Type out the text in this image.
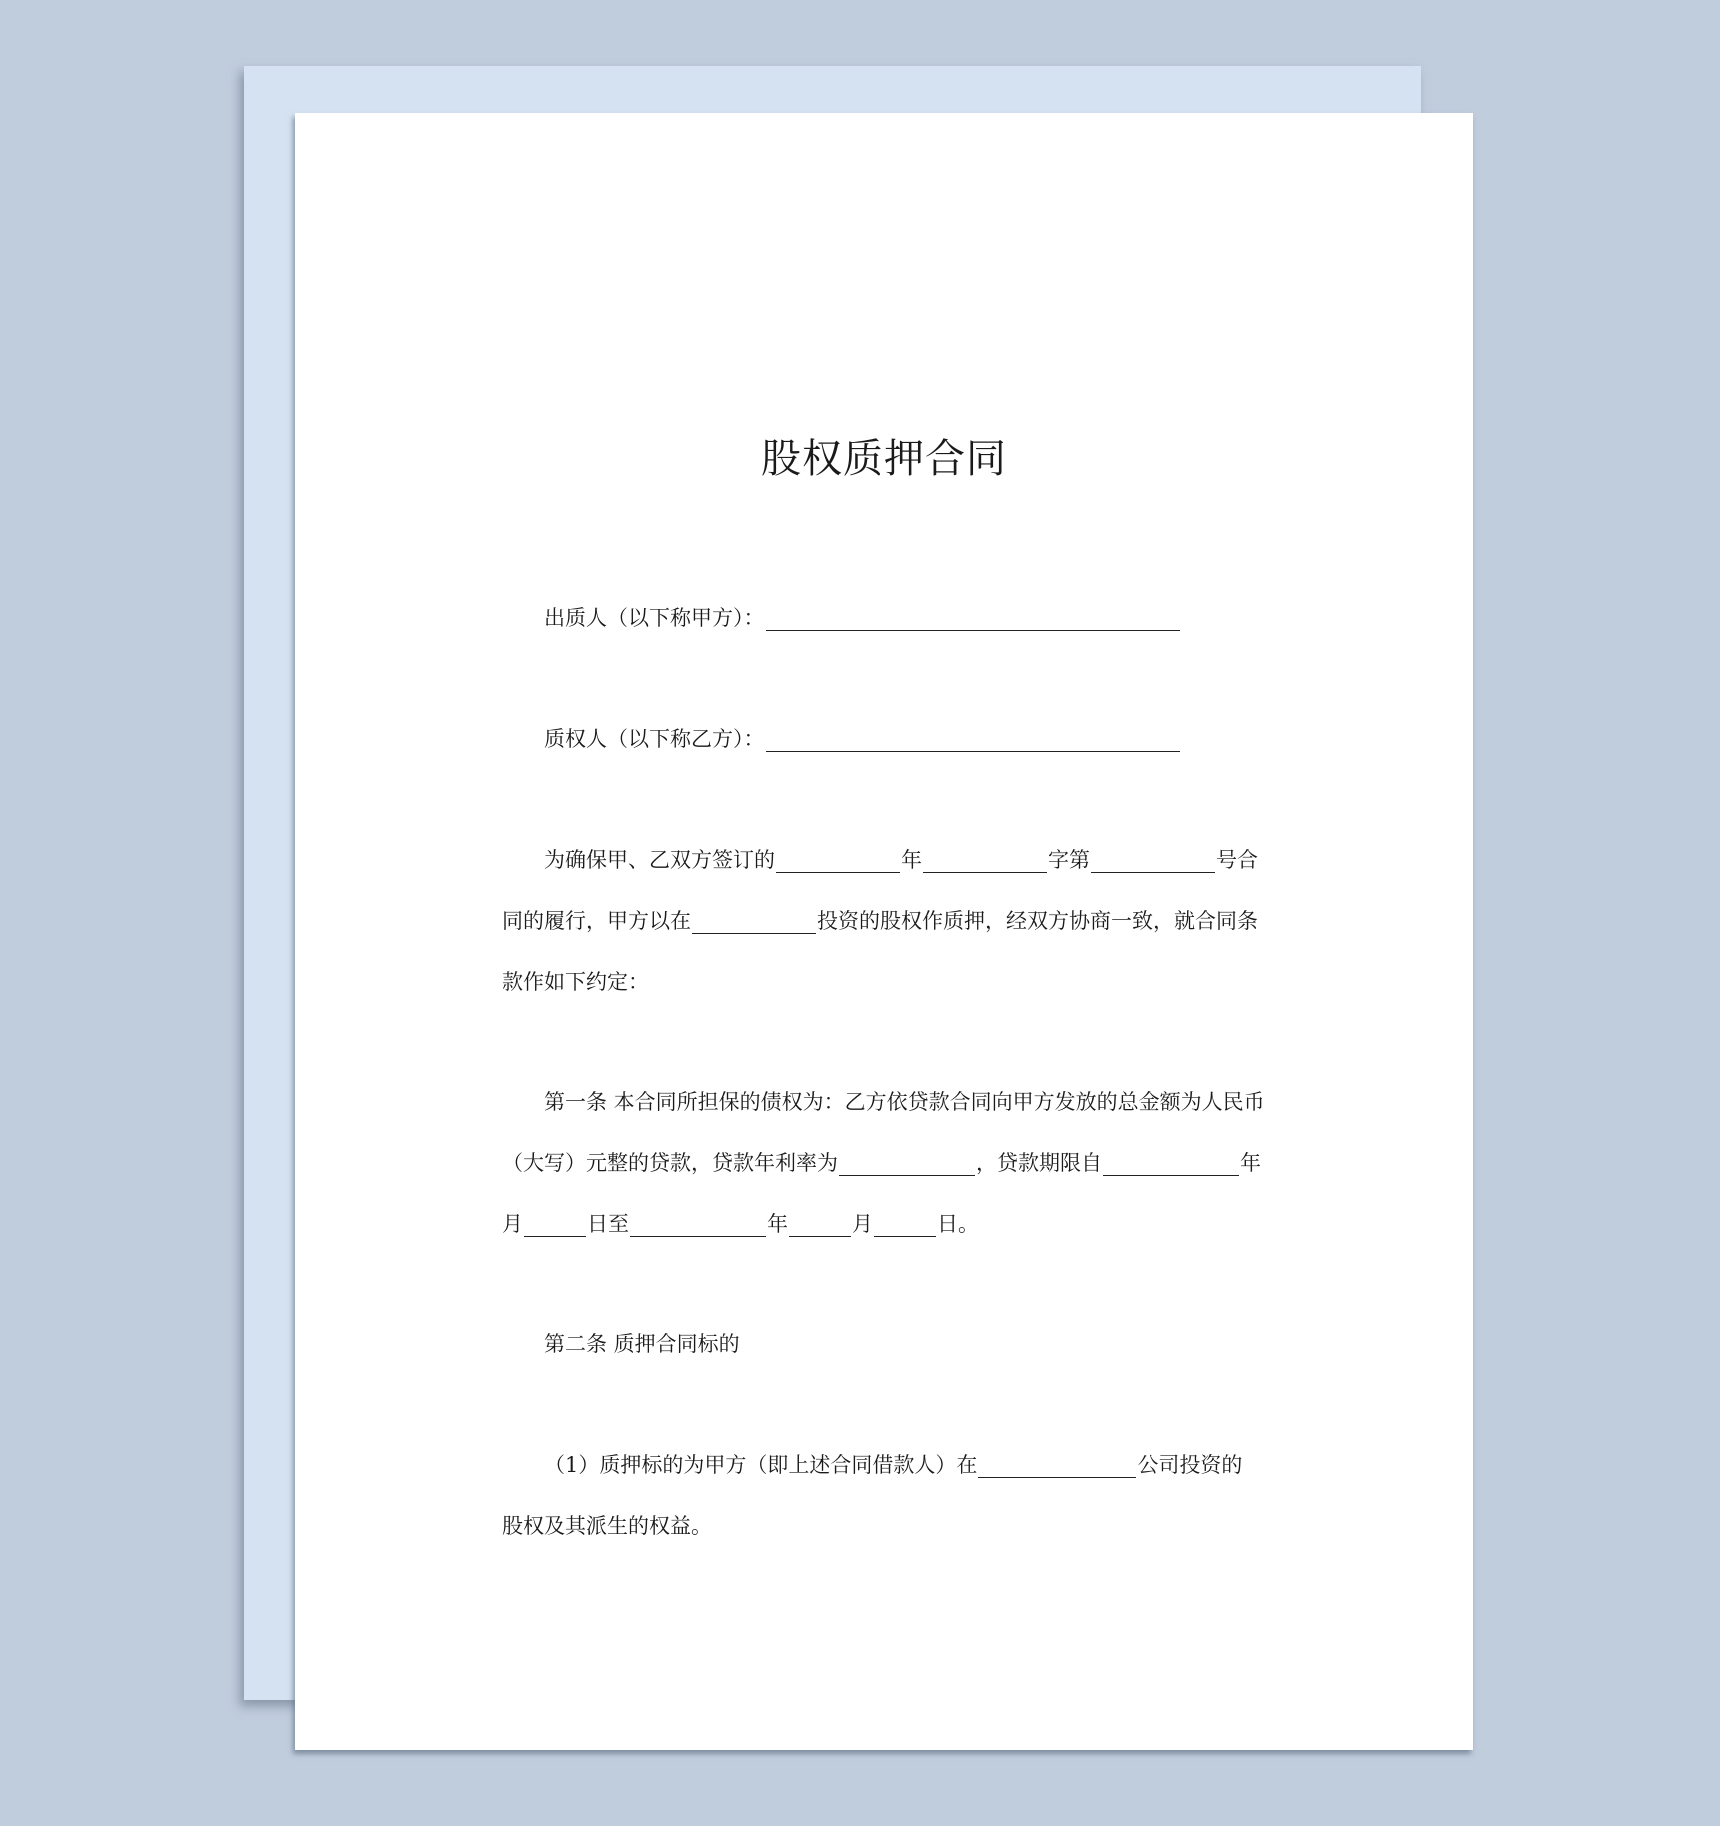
股权质押合同
出质人（以下称甲方）：
质权人（以下称乙方）：
为确保甲、乙双方签订的	年	字第	号合
同的履行，甲方以在	投资的股权作质押，经双方协商一致，就合同条
款作如下约定：
第一条 本合同所担保的债权为：乙方依贷款合同向甲方发放的总金额为人民币
（大写）元整的贷款，贷款年利率为	，贷款期限自	年
月	日至	年	月	日。
第二条 质押合同标的
（1）质押标的为甲方（即上述合同借款人）在	公司投资的
股权及其派生的权益。
